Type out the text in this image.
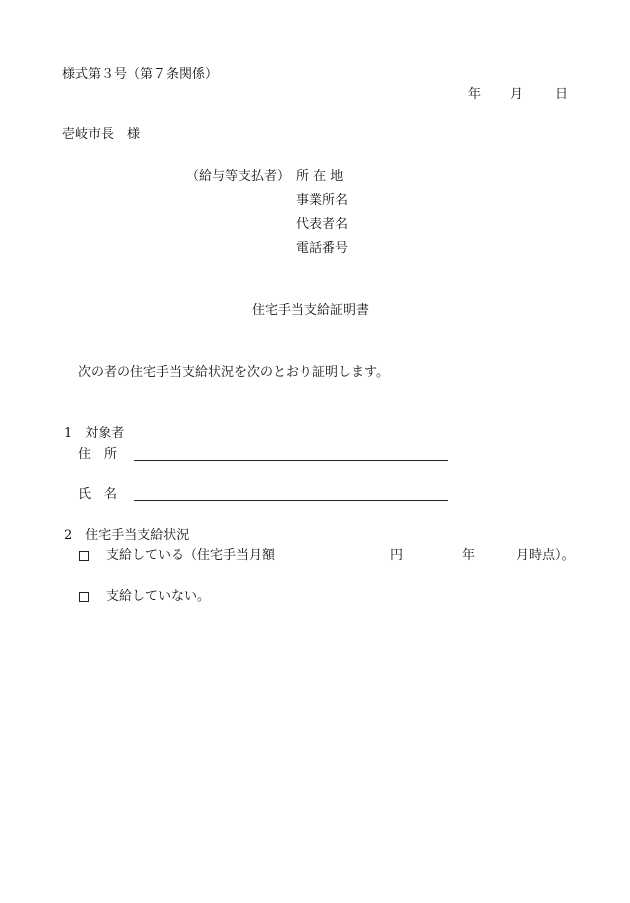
様式第３号（第７条関係）
年 月 日
壱岐市長　様
（給与等支払者） 所 在 地
事業所名
代表者名
電話番号
住宅手当支給証明書
次の者の住宅手当支給状況を次のとおり証明します。
1　対象者
住　所
氏　名
2　住宅手当支給状況
支給している（住宅手当月額	円	年	月時点）。
支給していない。
